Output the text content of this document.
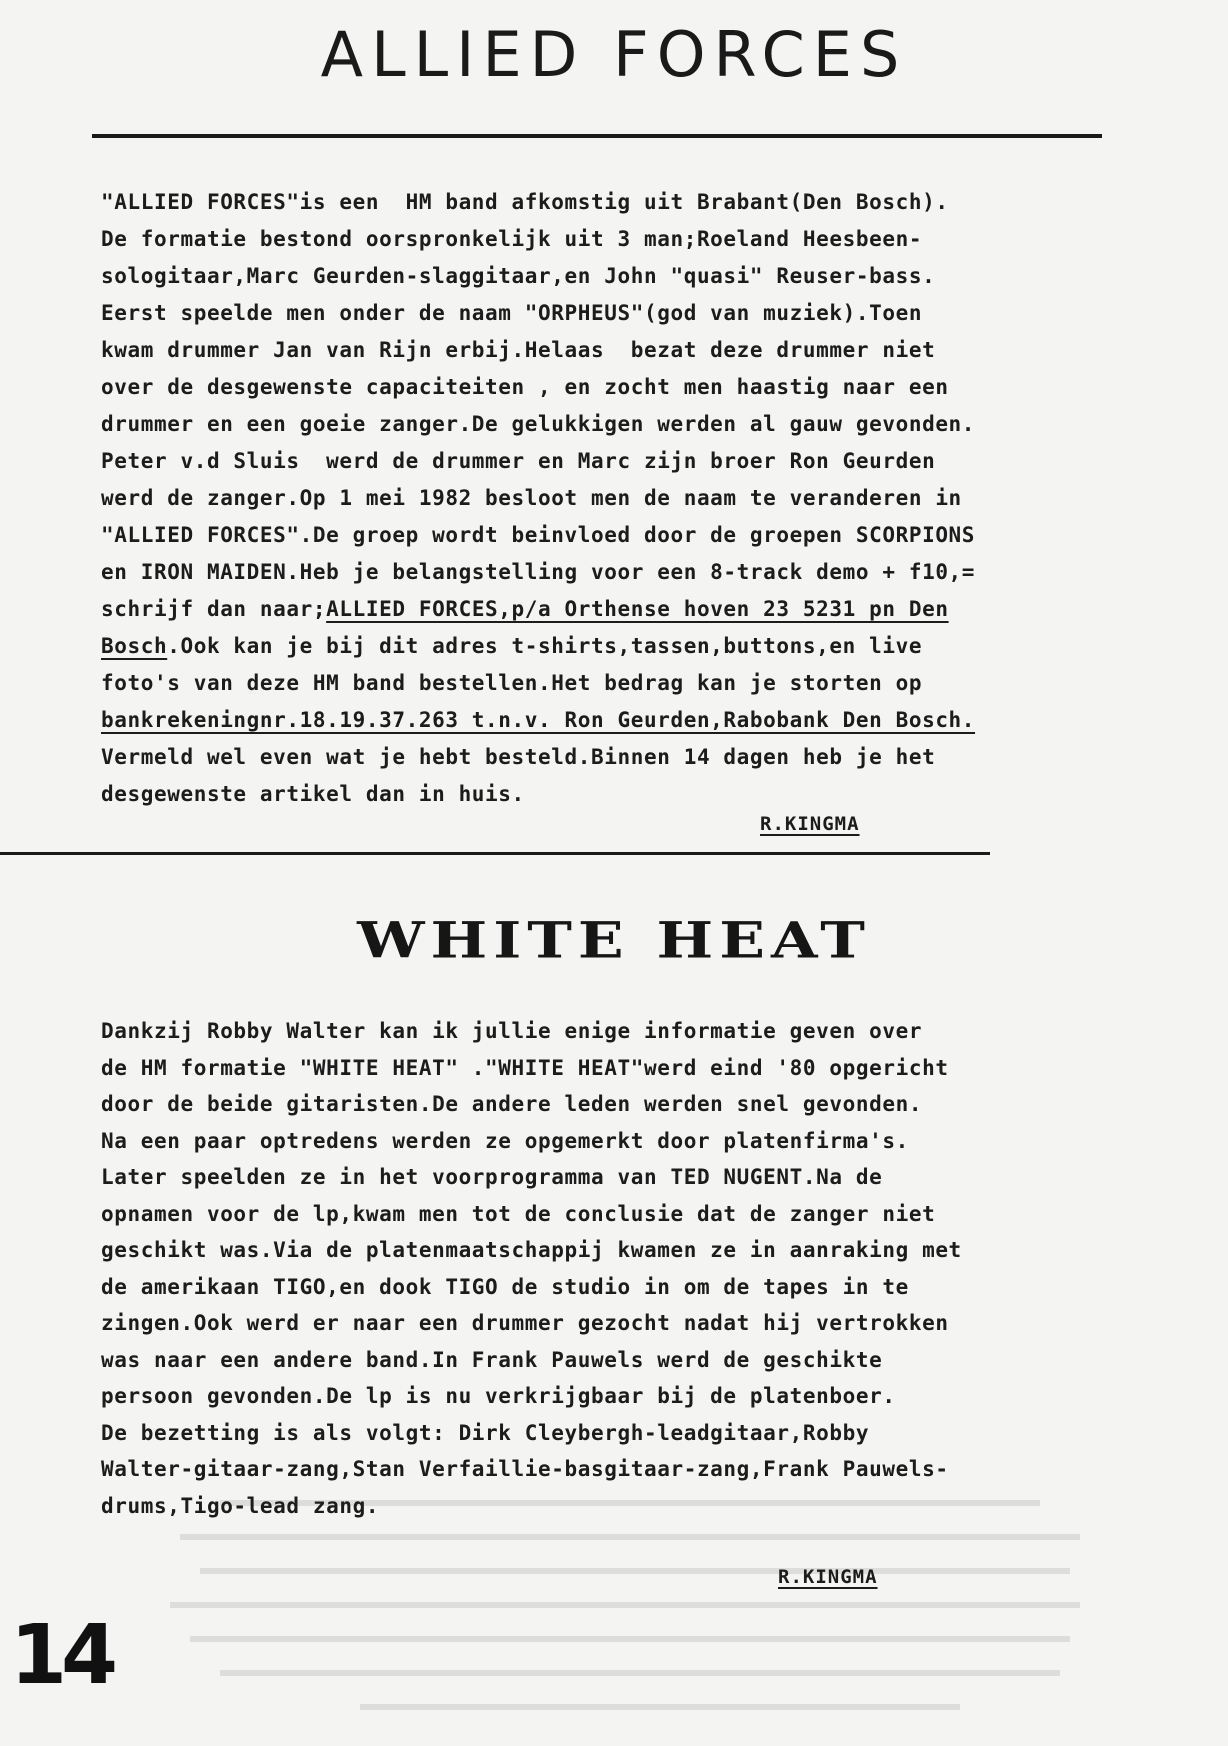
ALLIED FORCES
"ALLIED FORCES"is een  HM band afkomstig uit Brabant(Den Bosch).
De formatie bestond oorspronkelijk uit 3 man;Roeland Heesbeen-
sologitaar,Marc Geurden-slaggitaar,en John "quasi" Reuser-bass.
Eerst speelde men onder de naam "ORPHEUS"(god van muziek).Toen
kwam drummer Jan van Rijn erbij.Helaas  bezat deze drummer niet
over de desgewenste capaciteiten , en zocht men haastig naar een
drummer en een goeie zanger.De gelukkigen werden al gauw gevonden.
Peter v.d Sluis  werd de drummer en Marc zijn broer Ron Geurden
werd de zanger.Op 1 mei 1982 besloot men de naam te veranderen in
"ALLIED FORCES".De groep wordt beinvloed door de groepen SCORPIONS
en IRON MAIDEN.Heb je belangstelling voor een 8-track demo + f10,=
schrijf dan naar;ALLIED FORCES,p/a Orthense hoven 23 5231 pn Den
Bosch.Ook kan je bij dit adres t-shirts,tassen,buttons,en live
foto's van deze HM band bestellen.Het bedrag kan je storten op
bankrekeningnr.18.19.37.263 t.n.v. Ron Geurden,Rabobank Den Bosch.
Vermeld wel even wat je hebt besteld.Binnen 14 dagen heb je het
desgewenste artikel dan in huis.
R.KINGMA
WHITE HEAT
Dankzij Robby Walter kan ik jullie enige informatie geven over
de HM formatie "WHITE HEAT" ."WHITE HEAT"werd eind '80 opgericht
door de beide gitaristen.De andere leden werden snel gevonden.
Na een paar optredens werden ze opgemerkt door platenfirma's.
Later speelden ze in het voorprogramma van TED NUGENT.Na de
opnamen voor de lp,kwam men tot de conclusie dat de zanger niet
geschikt was.Via de platenmaatschappij kwamen ze in aanraking met
de amerikaan TIGO,en dook TIGO de studio in om de tapes in te
zingen.Ook werd er naar een drummer gezocht nadat hij vertrokken
was naar een andere band.In Frank Pauwels werd de geschikte
persoon gevonden.De lp is nu verkrijgbaar bij de platenboer.
De bezetting is als volgt: Dirk Cleybergh-leadgitaar,Robby
Walter-gitaar-zang,Stan Verfaillie-basgitaar-zang,Frank Pauwels-
drums,Tigo-lead zang.
R.KINGMA
14
